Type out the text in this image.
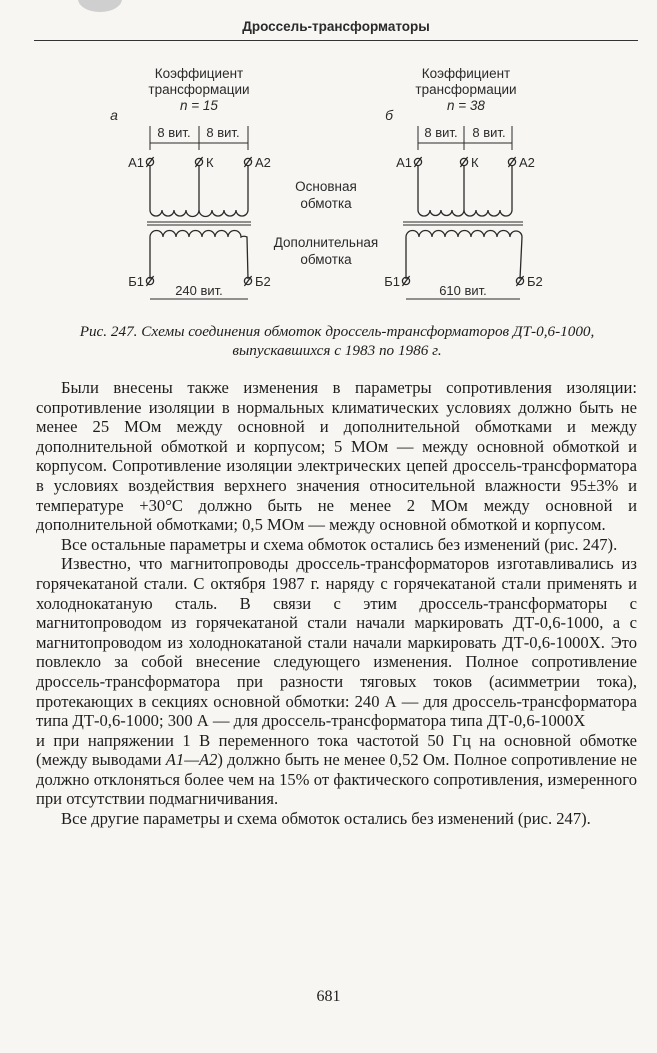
Дроссель-трансформаторы
а
Коэффициент
трансформации
n = 15
8 вит. 8 вит.
А1	К	А2
Б1	Б2
240 вит.
Основная
обмотка
Дополнительная
обмотка
б
Коэффициент
трансформации
n = 38
8 вит. 8 вит.
А1	К	А2
Б1	Б2
610 вит.
Рис. 247. Схемы соединения обмоток дроссель-трансформаторов ДТ-0,6-1000,
выпускавшихся с 1983 по 1986 г.

Были внесены также изменения в параметры сопротивления изоляции: сопротивление изоляции в нормальных климатических условиях должно быть не менее 25 МОм между основной и дополнительной обмотками и между дополнительной обмоткой и корпусом; 5 МОм — между основной обмоткой и корпусом. Сопротивление изоляции электрических цепей дроссель-трансформатора в условиях воздействия верхнего значения относительной влажности 95±3% и температуре +30°С должно быть не менее 2 МОм между основной и дополнительной обмотками; 0,5 МОм — между основной обмоткой и корпусом.

Все остальные параметры и схема обмоток остались без изменений (рис. 247).

Известно, что магнитопроводы дроссель-трансформаторов изготавливались из горячекатаной стали. С октября 1987 г. наряду с горячекатаной стали применять и холоднокатаную сталь. В связи с этим дроссель-трансформаторы с магнитопроводом из горячекатаной стали начали маркировать ДТ-0,6-1000, а с магнитопроводом из холоднокатаной стали начали маркировать ДТ-0,6-1000Х. Это повлекло за собой внесение следующего изменения. Полное сопротивление дроссель-трансформатора при разности тяговых токов (асимметрии тока), протекающих в секциях основной обмотки: 240 А — для дроссель-трансформатора типа ДТ-0,6-1000; 300 А — для дроссель-трансформатора типа ДТ-0,6-1000Х

и при напряжении 1 В переменного тока частотой 50 Гц на основной обмотке (между выводами А1—А2) должно быть не менее 0,52 Ом. Полное сопротивление не должно отклоняться более чем на 15% от фактического сопротивления, измеренного при отсутствии подмагничивания.

Все другие параметры и схема обмоток остались без изменений (рис. 247).

681
